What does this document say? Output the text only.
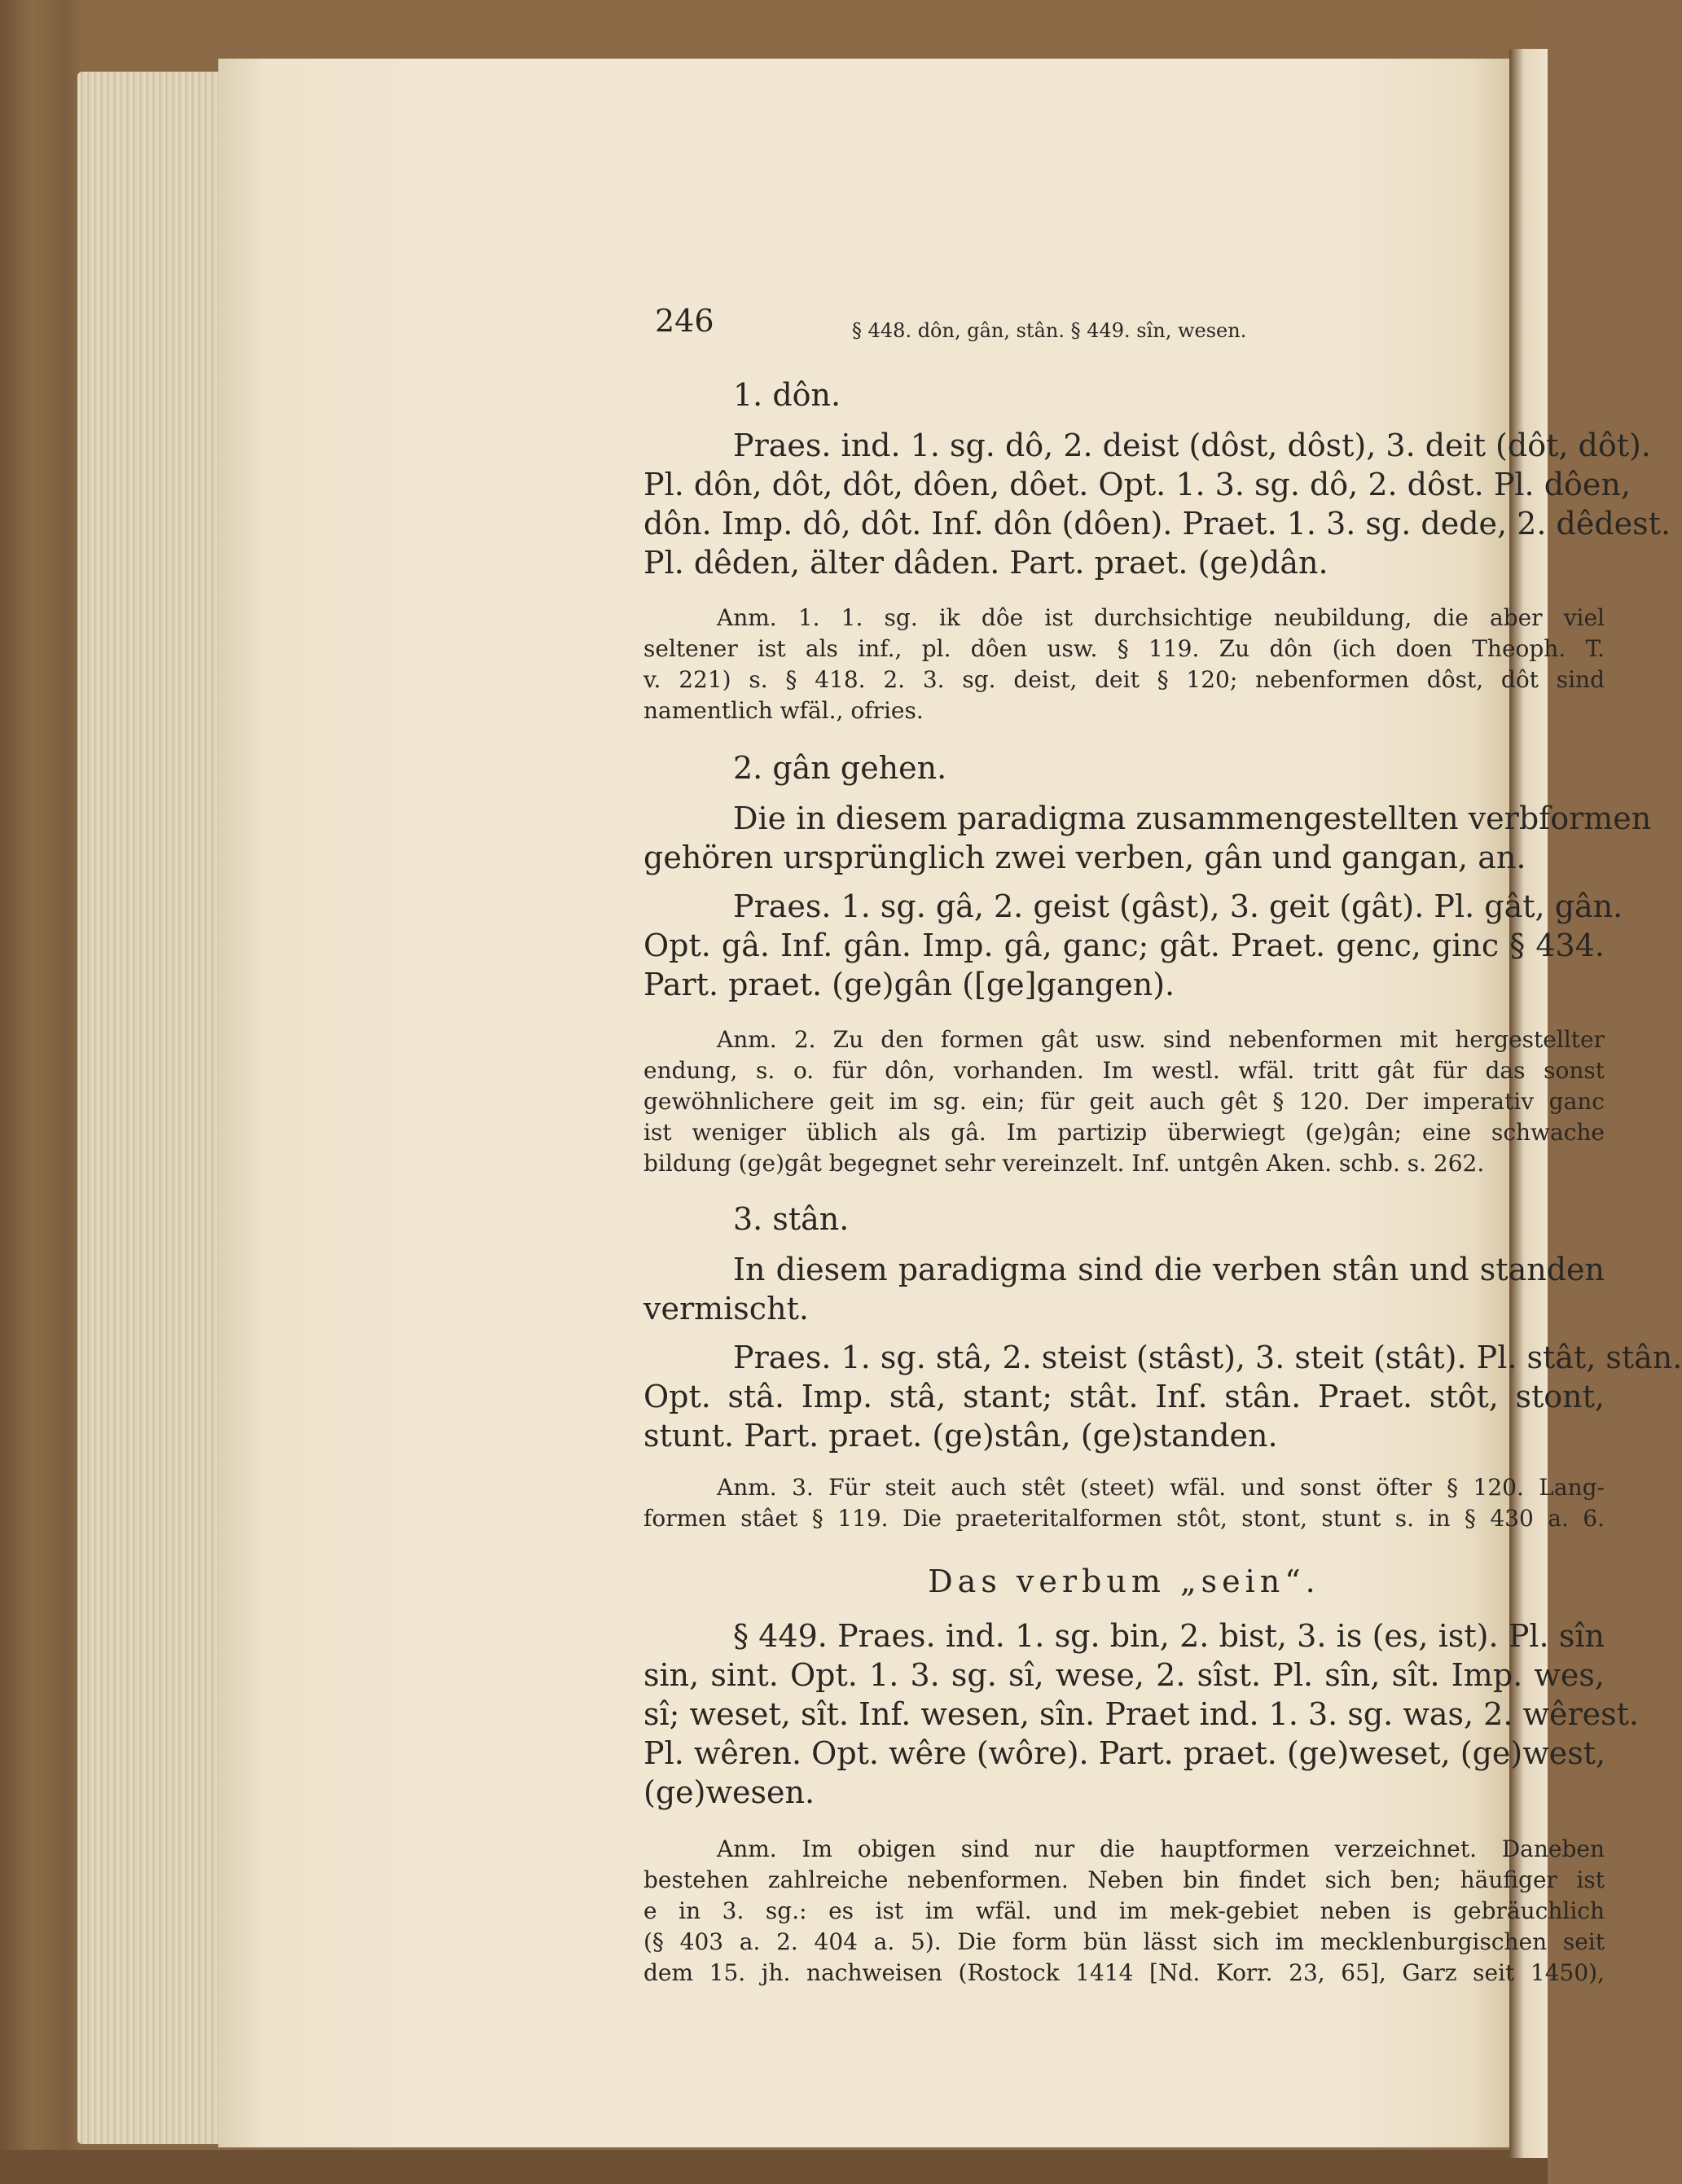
246	§ 448. dôn, gân, stân. § 449. sîn, wesen.
1. dôn.
Praes. ind. 1. sg. dô, 2. deist (dôst, dôst), 3. deit (dôt, dôt).
Pl. dôn, dôt, dôt, dôen, dôet. Opt. 1. 3. sg. dô, 2. dôst. Pl. dôen,
dôn. Imp. dô, dôt. Inf. dôn (dôen). Praet. 1. 3. sg. dede, 2. dêdest.
Pl. dêden, älter dâden. Part. praet. (ge)dân.
Anm. 1. 1. sg. ik dôe ist durchsichtige neubildung, die aber viel
seltener ist als inf., pl. dôen usw. § 119. Zu dôn (ich doen Theoph. T.
v. 221) s. § 418. 2. 3. sg. deist, deit § 120; nebenformen dôst, dôt sind
namentlich wfäl., ofries.
2. gân gehen.
Die in diesem paradigma zusammengestellten verbformen
gehören ursprünglich zwei verben, gân und gangan, an.
Praes. 1. sg. gâ, 2. geist (gâst), 3. geit (gât). Pl. gât, gân.
Opt. gâ. Inf. gân. Imp. gâ, ganc; gât. Praet. genc, ginc § 434.
Part. praet. (ge)gân ([ge]gangen).
Anm. 2. Zu den formen gât usw. sind nebenformen mit hergestellter
endung, s. o. für dôn, vorhanden. Im westl. wfäl. tritt gât für das sonst
gewöhnlichere geit im sg. ein; für geit auch gêt § 120. Der imperativ ganc
ist weniger üblich als gâ. Im partizip überwiegt (ge)gân; eine schwache
bildung (ge)gât begegnet sehr vereinzelt. Inf. untgên Aken. schb. s. 262.
3. stân.
In diesem paradigma sind die verben stân und standen
vermischt.
Praes. 1. sg. stâ, 2. steist (stâst), 3. steit (stât). Pl. stât, stân.
Opt. stâ. Imp. stâ, stant; stât. Inf. stân. Praet. stôt, stont,
stunt. Part. praet. (ge)stân, (ge)standen.
Anm. 3. Für steit auch stêt (steet) wfäl. und sonst öfter § 120. Lang-
formen stâet § 119. Die praeteritalformen stôt, stont, stunt s. in § 430 a. 6.
Das verbum „sein“.
§ 449. Praes. ind. 1. sg. bin, 2. bist, 3. is (es, ist). Pl. sîn
sin, sint. Opt. 1. 3. sg. sî, wese, 2. sîst. Pl. sîn, sît. Imp. wes,
sî; weset, sît. Inf. wesen, sîn. Praet ind. 1. 3. sg. was, 2. wêrest.
Pl. wêren. Opt. wêre (wôre). Part. praet. (ge)weset, (ge)west,
(ge)wesen.
Anm. Im obigen sind nur die hauptformen verzeichnet. Daneben
bestehen zahlreiche nebenformen. Neben bin findet sich ben; häufiger ist
e in 3. sg.: es ist im wfäl. und im mek-gebiet neben is gebräuchlich
(§ 403 a. 2. 404 a. 5). Die form bün lässt sich im mecklenburgischen seit
dem 15. jh. nachweisen (Rostock 1414 [Nd. Korr. 23, 65], Garz seit 1450),
